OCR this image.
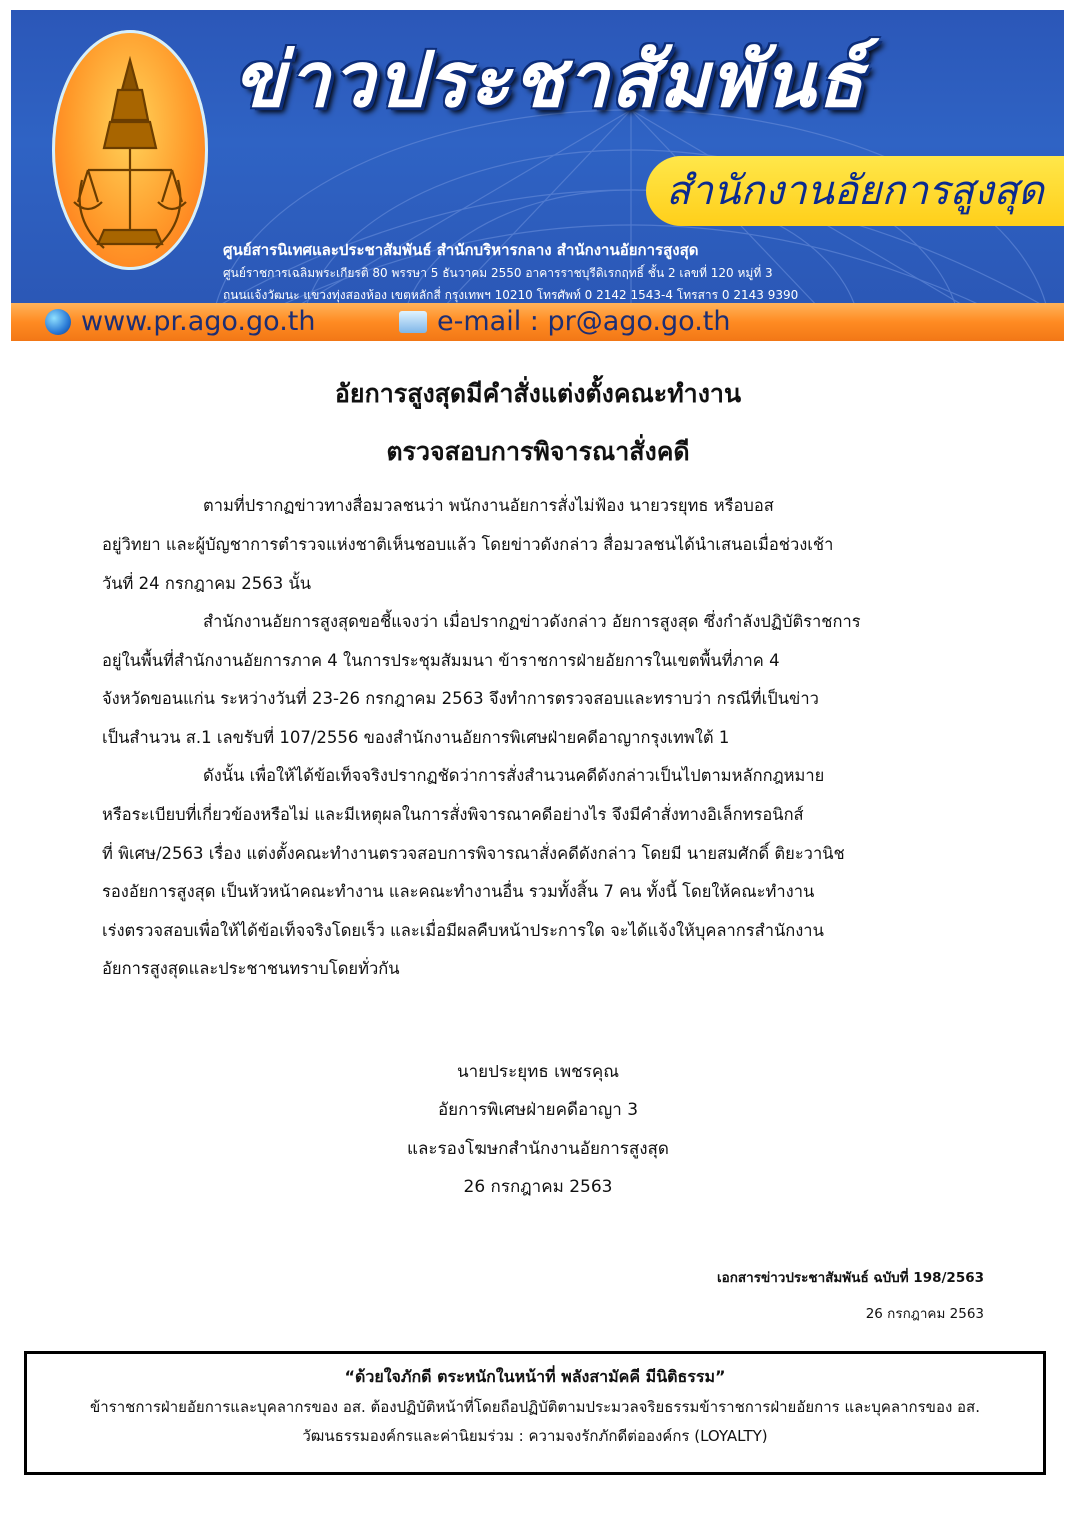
ข่าวประชาสัมพันธ์
สำนักงานอัยการสูงสุด
ศูนย์สารนิเทศและประชาสัมพันธ์ สำนักบริหารกลาง สำนักงานอัยการสูงสุด
ศูนย์ราชการเฉลิมพระเกียรติ 80 พรรษา 5 ธันวาคม 2550 อาคารราชบุรีดิเรกฤทธิ์ ชั้น 2 เลขที่ 120 หมู่ที่ 3
ถนนแจ้งวัฒนะ แขวงทุ่งสองห้อง เขตหลักสี่ กรุงเทพฯ 10210 โทรศัพท์ 0 2142 1543-4 โทรสาร 0 2143 9390
www.pr.ago.go.th	e-mail : pr@ago.go.th
อัยการสูงสุดมีคำสั่งแต่งตั้งคณะทำงาน
ตรวจสอบการพิจารณาสั่งคดี
ตามที่ปรากฏข่าวทางสื่อมวลชนว่า พนักงานอัยการสั่งไม่ฟ้อง นายวรยุทธ หรือบอส
อยู่วิทยา และผู้บัญชาการตำรวจแห่งชาติเห็นชอบแล้ว โดยข่าวดังกล่าว สื่อมวลชนได้นำเสนอเมื่อช่วงเช้า
วันที่ 24 กรกฎาคม 2563 นั้น
สำนักงานอัยการสูงสุดขอชี้แจงว่า เมื่อปรากฏข่าวดังกล่าว อัยการสูงสุด ซึ่งกำลังปฏิบัติราชการ
อยู่ในพื้นที่สำนักงานอัยการภาค 4 ในการประชุมสัมมนา ข้าราชการฝ่ายอัยการในเขตพื้นที่ภาค 4
จังหวัดขอนแก่น ระหว่างวันที่ 23-26 กรกฎาคม 2563 จึงทำการตรวจสอบและทราบว่า กรณีที่เป็นข่าว
เป็นสำนวน ส.1 เลขรับที่ 107/2556 ของสำนักงานอัยการพิเศษฝ่ายคดีอาญากรุงเทพใต้ 1
ดังนั้น เพื่อให้ได้ข้อเท็จจริงปรากฏชัดว่าการสั่งสำนวนคดีดังกล่าวเป็นไปตามหลักกฎหมาย
หรือระเบียบที่เกี่ยวข้องหรือไม่ และมีเหตุผลในการสั่งพิจารณาคดีอย่างไร จึงมีคำสั่งทางอิเล็กทรอนิกส์
ที่ พิเศษ/2563 เรื่อง แต่งตั้งคณะทำงานตรวจสอบการพิจารณาสั่งคดีดังกล่าว โดยมี นายสมศักดิ์ ติยะวานิช
รองอัยการสูงสุด เป็นหัวหน้าคณะทำงาน และคณะทำงานอื่น รวมทั้งสิ้น 7 คน ทั้งนี้ โดยให้คณะทำงาน
เร่งตรวจสอบเพื่อให้ได้ข้อเท็จจริงโดยเร็ว และเมื่อมีผลคืบหน้าประการใด จะได้แจ้งให้บุคลากรสำนักงาน
อัยการสูงสุดและประชาชนทราบโดยทั่วกัน
นายประยุทธ เพชรคุณ
อัยการพิเศษฝ่ายคดีอาญา 3
และรองโฆษกสำนักงานอัยการสูงสุด
26 กรกฎาคม 2563
เอกสารข่าวประชาสัมพันธ์ ฉบับที่ 198/2563
26 กรกฎาคม 2563
“ด้วยใจภักดี ตระหนักในหน้าที่ พลังสามัคคี มีนิติธรรม”
ข้าราชการฝ่ายอัยการและบุคลากรของ อส. ต้องปฏิบัติหน้าที่โดยถือปฏิบัติตามประมวลจริยธรรมข้าราชการฝ่ายอัยการ และบุคลากรของ อส.
วัฒนธรรมองค์กรและค่านิยมร่วม : ความจงรักภักดีต่อองค์กร (LOYALTY)
